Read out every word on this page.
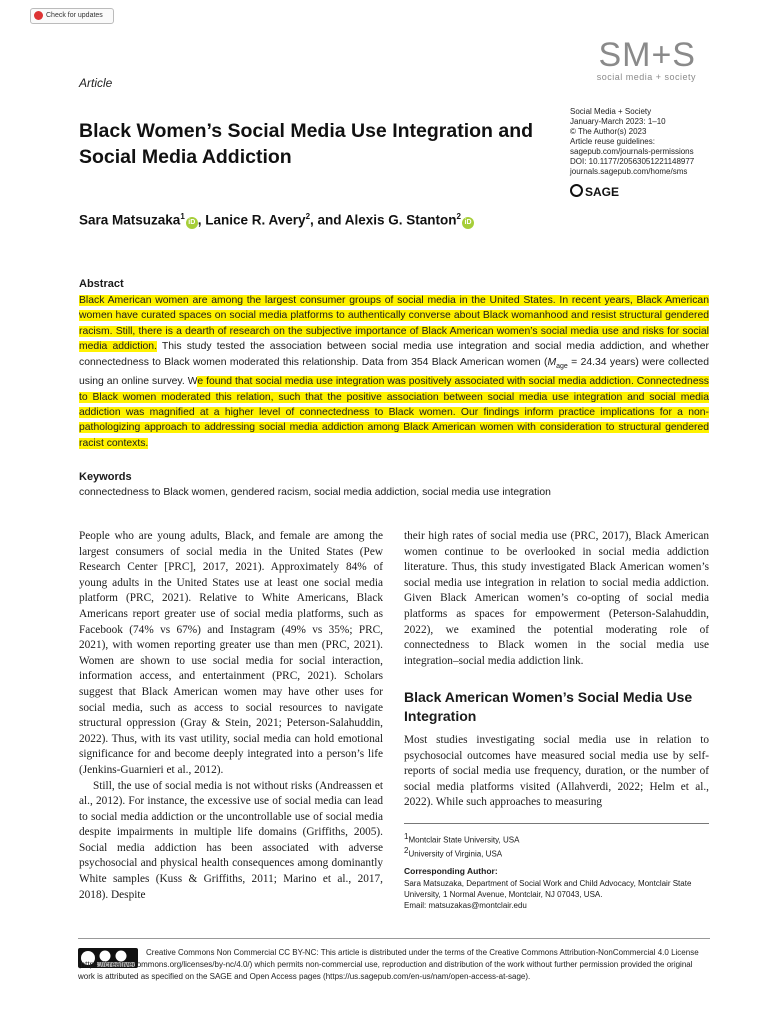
Check for updates
SM+S
social media + society
Article
Black Women’s Social Media Use Integration and Social Media Addiction
Social Media + Society
January-March 2023: 1–10
© The Author(s) 2023
Article reuse guidelines:
sagepub.com/journals-permissions
DOI: 10.1177/20563051221148977
journals.sagepub.com/home/sms
SAGE
Sara Matsuzaka$^1$iD , Lanice R. Avery$^2$, and Alexis G. Stanton$^2$iD
Abstract
Black American women are among the largest consumer groups of social media in the United States. In recent years, Black American women have curated spaces on social media platforms to authentically converse about Black womanhood and resist structural gendered racism. Still, there is a dearth of research on the subjective importance of Black American women’s social media use and risks for social media addiction. This study tested the association between social media use integration and social media addiction, and whether connectedness to Black women moderated this relationship. Data from 354 Black American women ($M_{age} = 24.34$ years) were collected using an online survey. We found that social media use integration was positively associated with social media addiction. Connectedness to Black women moderated this relation, such that the positive association between social media use integration and social media addiction was magnified at a higher level of connectedness to Black women. Our findings inform practice implications for a non-pathologizing approach to addressing social media addiction among Black American women with consideration to structural gendered racist contexts.
Keywords
connectedness to Black women, gendered racism, social media addiction, social media use integration

People who are young adults, Black, and female are among the largest consumers of social media in the United States (Pew Research Center [PRC], 2017, 2021). Approximately 84% of young adults in the United States use at least one social media platform (PRC, 2021). Relative to White Americans, Black Americans report greater use of social media platforms, such as Facebook (74% vs 67%) and Instagram (49% vs 35%; PRC, 2021), with women reporting greater use than men (PRC, 2021). Women are shown to use social media for social interaction, information access, and entertainment (PRC, 2021). Scholars suggest that Black American women may have other uses for social media, such as access to social resources to navigate structural oppression (Gray & Stein, 2021; Peterson-Salahuddin, 2022). Thus, with its vast utility, social media can hold emotional significance for and become deeply integrated into a person’s life (Jenkins-Guarnieri et al., 2012).

Still, the use of social media is not without risks (Andreassen et al., 2012). For instance, the excessive use of social media can lead to social media addiction or the uncontrollable use of social media despite impairments in multiple life domains (Griffiths, 2005). Social media addiction has been associated with adverse psychosocial and physical health consequences among dominantly White samples (Kuss & Griffiths, 2011; Marino et al., 2017, 2018). Despite

their high rates of social media use (PRC, 2017), Black American women continue to be overlooked in social media addiction literature. Thus, this study investigated Black American women’s social media use integration in relation to social media addiction. Given Black American women’s co-opting of social media platforms as spaces for empowerment (Peterson-Salahuddin, 2022), we examined the potential moderating role of connectedness to Black women in the social media use integration–social media addiction link.

Black American Women’s Social Media Use Integration

Most studies investigating social media use in relation to psychosocial outcomes have measured social media use by self-reports of social media use frequency, duration, or the number of social media platforms visited (Allahverdi, 2022; Helm et al., 2022). While such approaches to measuring

1Montclair State University, USA
2University of Virginia, USA
Corresponding Author:
Sara Matsuzaka, Department of Social Work and Child Advocacy, Montclair State University, 1 Normal Avenue, Montclair, NJ 07043, USA.
Email: matsuzakas@montclair.edu
Creative Commons Non Commercial CC BY-NC: This article is distributed under the terms of the Creative Commons Attribution-NonCommercial 4.0 License (https://creativecommons.org/licenses/by-nc/4.0/) which permits non-commercial use, reproduction and distribution of the work without further permission provided the original work is attributed as specified on the SAGE and Open Access pages (https://us.sagepub.com/en-us/nam/open-access-at-sage).
